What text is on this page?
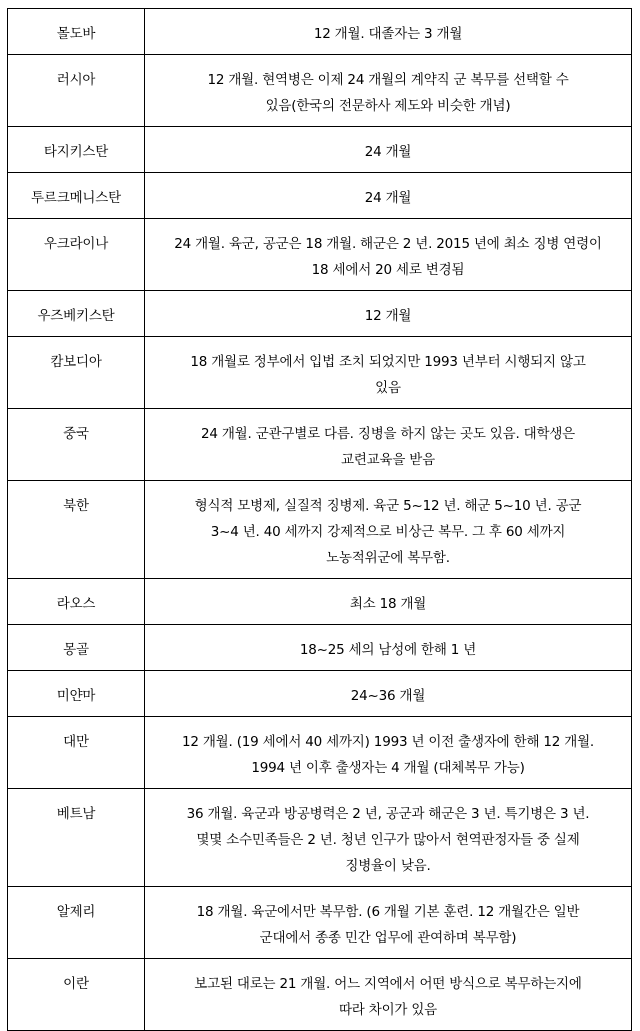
몰도바	12 개월. 대졸자는 3 개월

러시아	12 개월. 현역병은 이제 24 개월의 계약직 군 복무를 선택할 수
있음(한국의 전문하사 제도와 비슷한 개념)

타지키스탄	24 개월

투르크메니스탄	24 개월

우크라이나	24 개월. 육군, 공군은 18 개월. 해군은 2 년. 2015 년에 최소 징병 연령이
18 세에서 20 세로 변경됨

우즈베키스탄	12 개월

캄보디아	18 개월로 정부에서 입법 조치 되었지만 1993 년부터 시행되지 않고
있음

중국	24 개월. 군관구별로 다름. 징병을 하지 않는 곳도 있음. 대학생은
교련교육을 받음

북한	형식적 모병제, 실질적 징병제. 육군 5~12 년. 해군 5~10 년. 공군
3~4 년. 40 세까지 강제적으로 비상근 복무. 그 후 60 세까지
노농적위군에 복무함.

라오스	최소 18 개월

몽골	18~25 세의 남성에 한해 1 년

미얀마	24~36 개월

대만	12 개월. (19 세에서 40 세까지) 1993 년 이전 출생자에 한해 12 개월.
1994 년 이후 출생자는 4 개월 (대체복무 가능)

베트남	36 개월. 육군과 방공병력은 2 년, 공군과 해군은 3 년. 특기병은 3 년.
몇몇 소수민족들은 2 년. 청년 인구가 많아서 현역판정자들 중 실제
징병율이 낮음.

알제리	18 개월. 육군에서만 복무함. (6 개월 기본 훈련. 12 개월간은 일반
군대에서 종종 민간 업무에 관여하며 복무함)

이란	보고된 대로는 21 개월. 어느 지역에서 어떤 방식으로 복무하는지에
따라 차이가 있음
